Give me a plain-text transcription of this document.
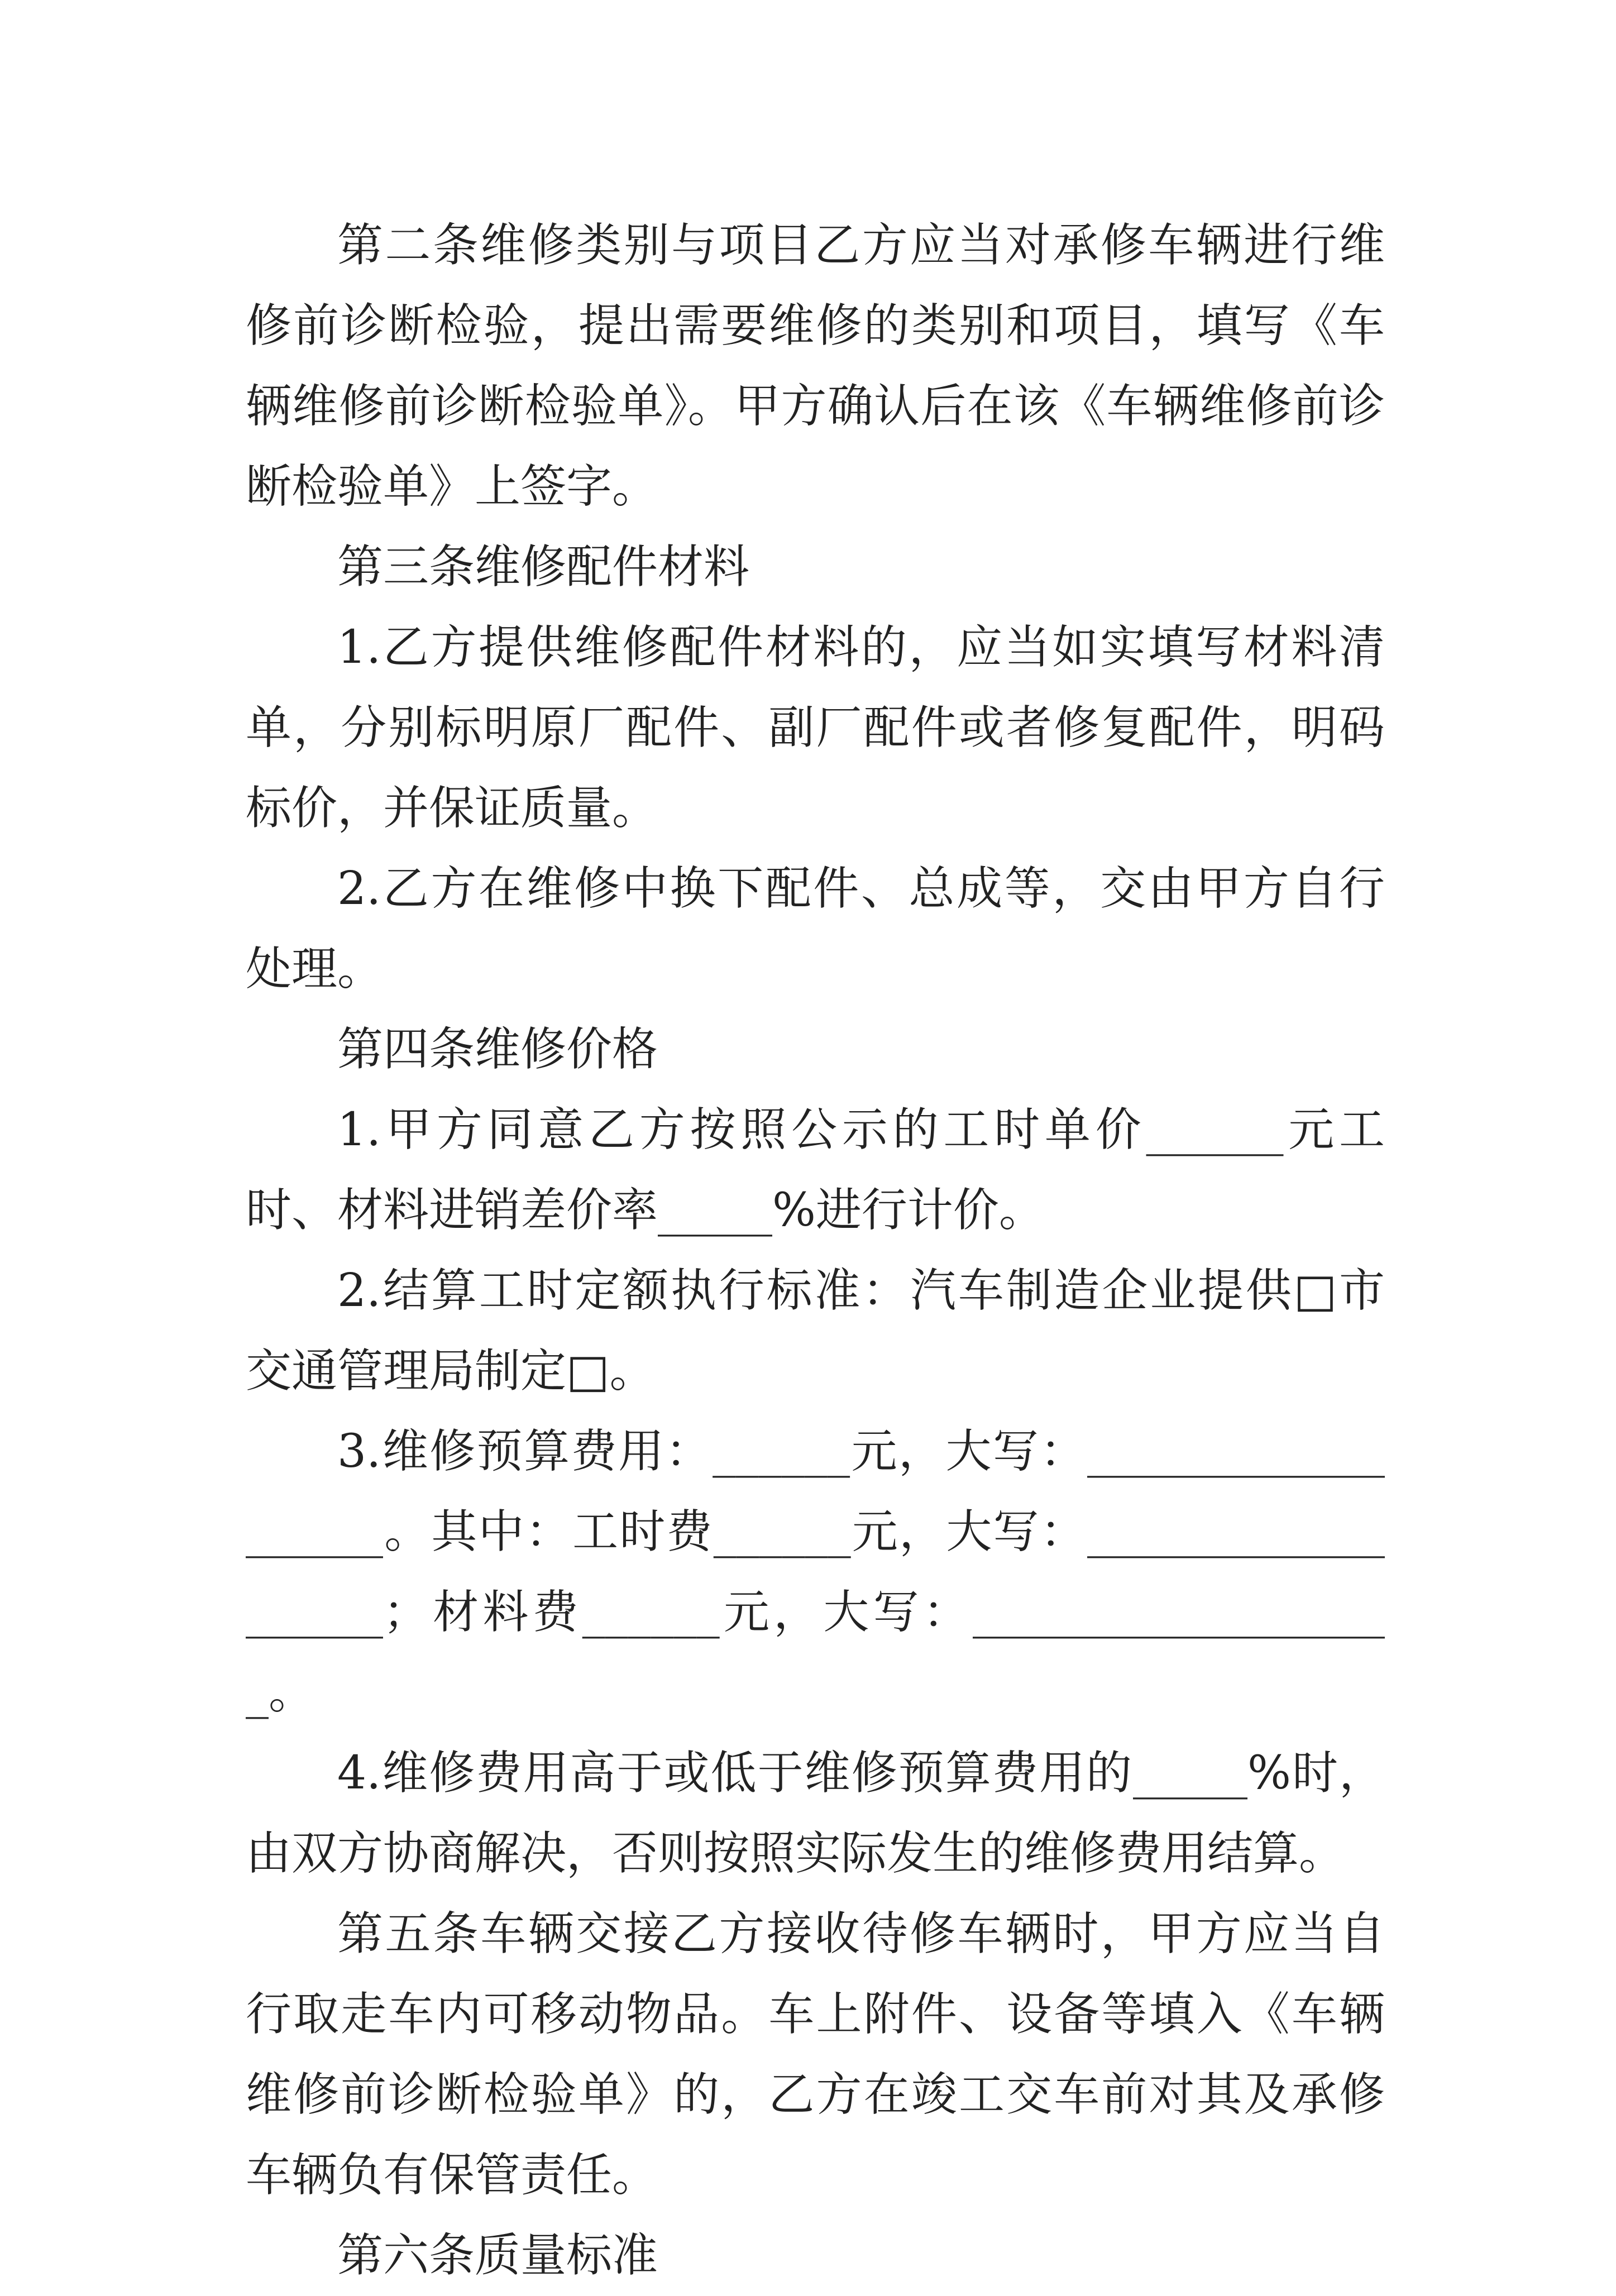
第二条维修类别与项目乙方应当对承修车辆进行维修前诊断检验，提出需要维修的类别和项目，填写《车辆维修前诊断检验单》。甲方确认后在该《车辆维修前诊断检验单》上签字。

第三条维修配件材料

1.乙方提供维修配件材料的，应当如实填写材料清单，分别标明原厂配件、副厂配件或者修复配件，明码标价，并保证质量。

2.乙方在维修中换下配件、总成等，交由甲方自行处理。

第四条维修价格

1.甲方同意乙方按照公示的工时单价______元工时、材料进销差价率_____%进行计价。

2.结算工时定额执行标准：汽车制造企业提供□市交通管理局制定□。

3.维修预算费用：______元，大写：___________________。其中：工时费______元，大写：___________________；材料费______元，大写：___________________。

4.维修费用高于或低于维修预算费用的_____%时，由双方协商解决，否则按照实际发生的维修费用结算。

第五条车辆交接乙方接收待修车辆时，甲方应当自行取走车内可移动物品。车上附件、设备等填入《车辆维修前诊断检验单》的，乙方在竣工交车前对其及承修车辆负有保管责任。

第六条质量标准
